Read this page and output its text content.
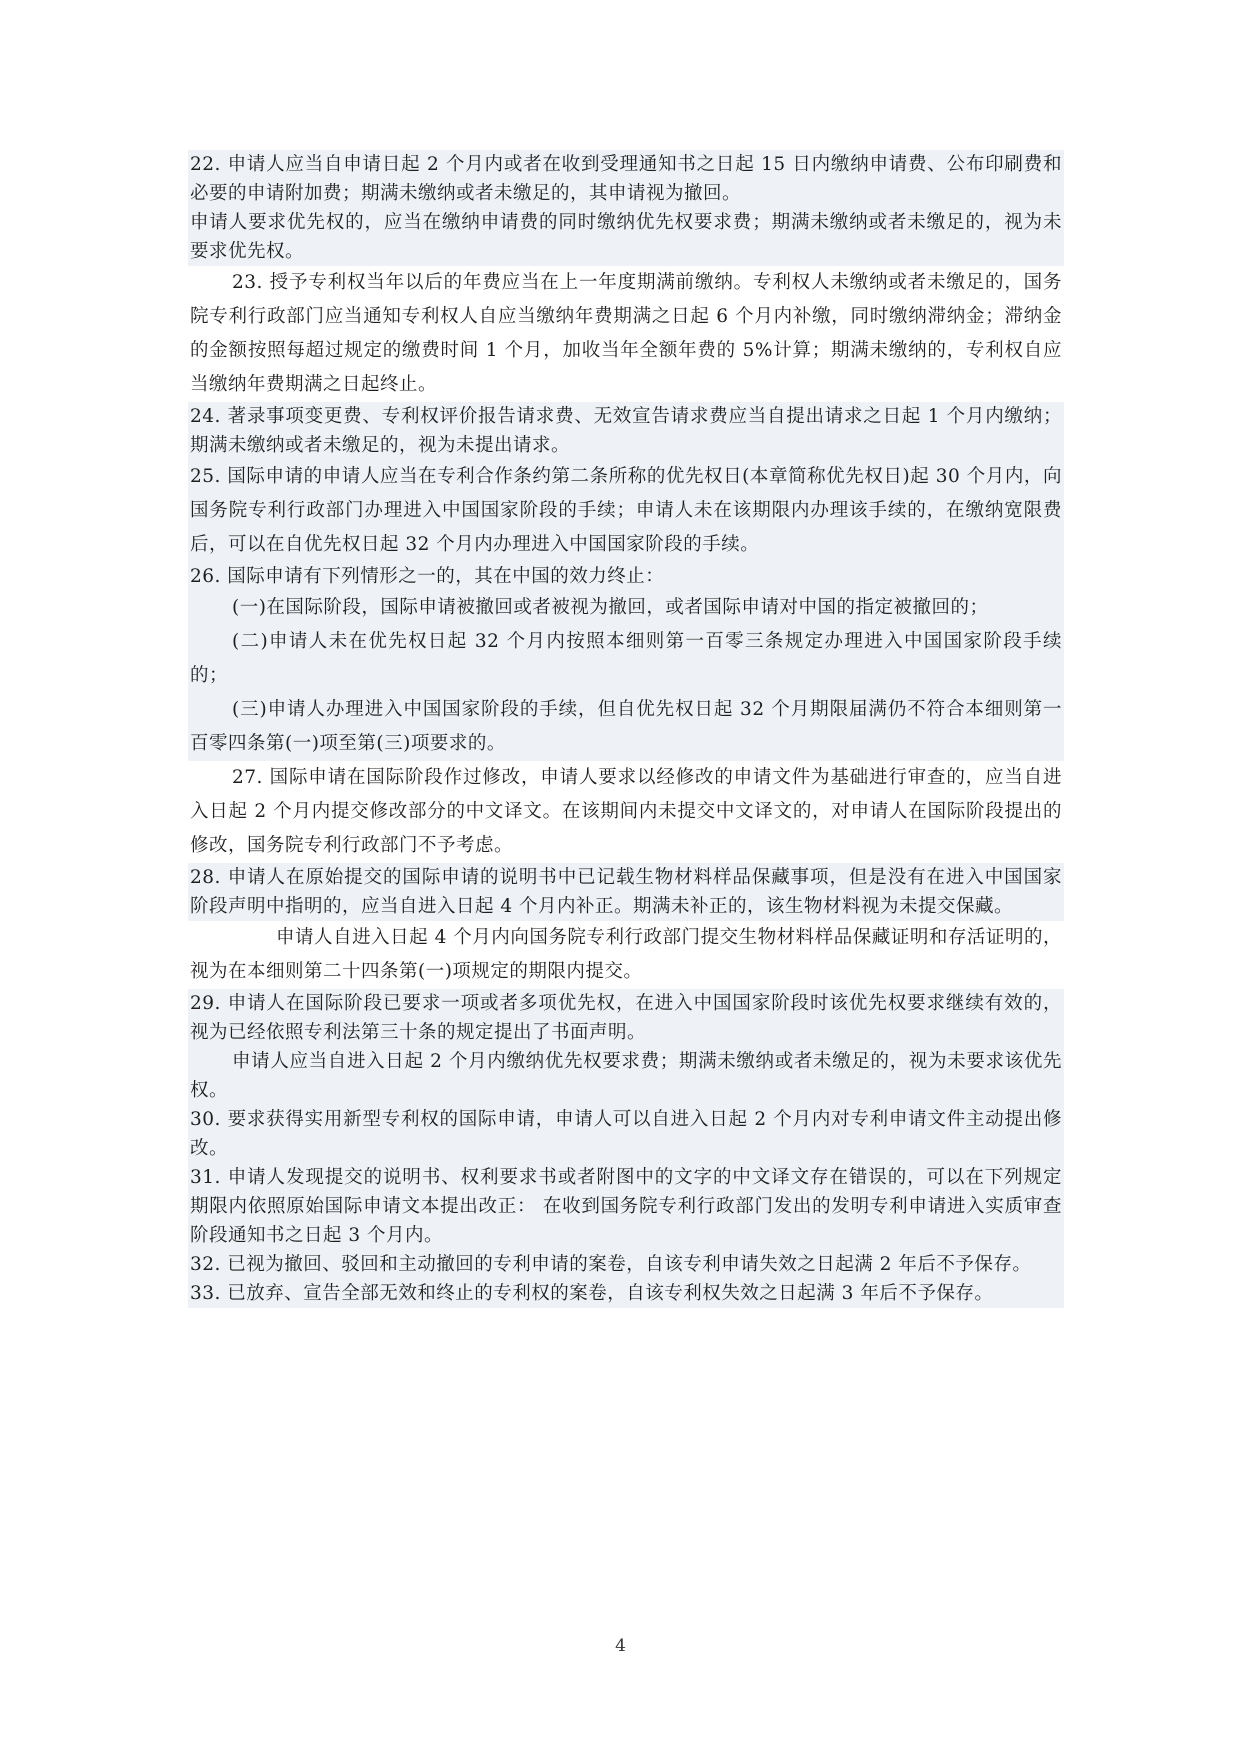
22. 申请人应当自申请日起 2 个月内或者在收到受理通知书之日起 15 日内缴纳申请费、公布印刷费和必要的申请附加费；期满未缴纳或者未缴足的，其申请视为撤回。

申请人要求优先权的，应当在缴纳申请费的同时缴纳优先权要求费；期满未缴纳或者未缴足的，视为未要求优先权。

23. 授予专利权当年以后的年费应当在上一年度期满前缴纳。专利权人未缴纳或者未缴足的，国务院专利行政部门应当通知专利权人自应当缴纳年费期满之日起 6 个月内补缴，同时缴纳滞纳金；滞纳金的金额按照每超过规定的缴费时间 1 个月，加收当年全额年费的 5%计算；期满未缴纳的，专利权自应当缴纳年费期满之日起终止。

24. 著录事项变更费、专利权评价报告请求费、无效宣告请求费应当自提出请求之日起 1 个月内缴纳；期满未缴纳或者未缴足的，视为未提出请求。

25. 国际申请的申请人应当在专利合作条约第二条所称的优先权日(本章简称优先权日)起 30 个月内，向国务院专利行政部门办理进入中国国家阶段的手续；申请人未在该期限内办理该手续的，在缴纳宽限费后，可以在自优先权日起 32 个月内办理进入中国国家阶段的手续。

26. 国际申请有下列情形之一的，其在中国的效力终止：

(一)在国际阶段，国际申请被撤回或者被视为撤回，或者国际申请对中国的指定被撤回的；

(二)申请人未在优先权日起 32 个月内按照本细则第一百零三条规定办理进入中国国家阶段手续的；

(三)申请人办理进入中国国家阶段的手续，但自优先权日起 32 个月期限届满仍不符合本细则第一百零四条第(一)项至第(三)项要求的。

27. 国际申请在国际阶段作过修改，申请人要求以经修改的申请文件为基础进行审查的，应当自进入日起 2 个月内提交修改部分的中文译文。在该期间内未提交中文译文的，对申请人在国际阶段提出的修改，国务院专利行政部门不予考虑。

28. 申请人在原始提交的国际申请的说明书中已记载生物材料样品保藏事项，但是没有在进入中国国家阶段声明中指明的，应当自进入日起 4 个月内补正。期满未补正的，该生物材料视为未提交保藏。

申请人自进入日起 4 个月内向国务院专利行政部门提交生物材料样品保藏证明和存活证明的，视为在本细则第二十四条第(一)项规定的期限内提交。

29. 申请人在国际阶段已要求一项或者多项优先权，在进入中国国家阶段时该优先权要求继续有效的，视为已经依照专利法第三十条的规定提出了书面声明。

申请人应当自进入日起 2 个月内缴纳优先权要求费；期满未缴纳或者未缴足的，视为未要求该优先权。

30. 要求获得实用新型专利权的国际申请，申请人可以自进入日起 2 个月内对专利申请文件主动提出修改。

31. 申请人发现提交的说明书、权利要求书或者附图中的文字的中文译文存在错误的，可以在下列规定期限内依照原始国际申请文本提出改正： 在收到国务院专利行政部门发出的发明专利申请进入实质审查阶段通知书之日起 3 个月内。

32. 已视为撤回、驳回和主动撤回的专利申请的案卷，自该专利申请失效之日起满 2 年后不予保存。

33. 已放弃、宣告全部无效和终止的专利权的案卷，自该专利权失效之日起满 3 年后不予保存。

4
